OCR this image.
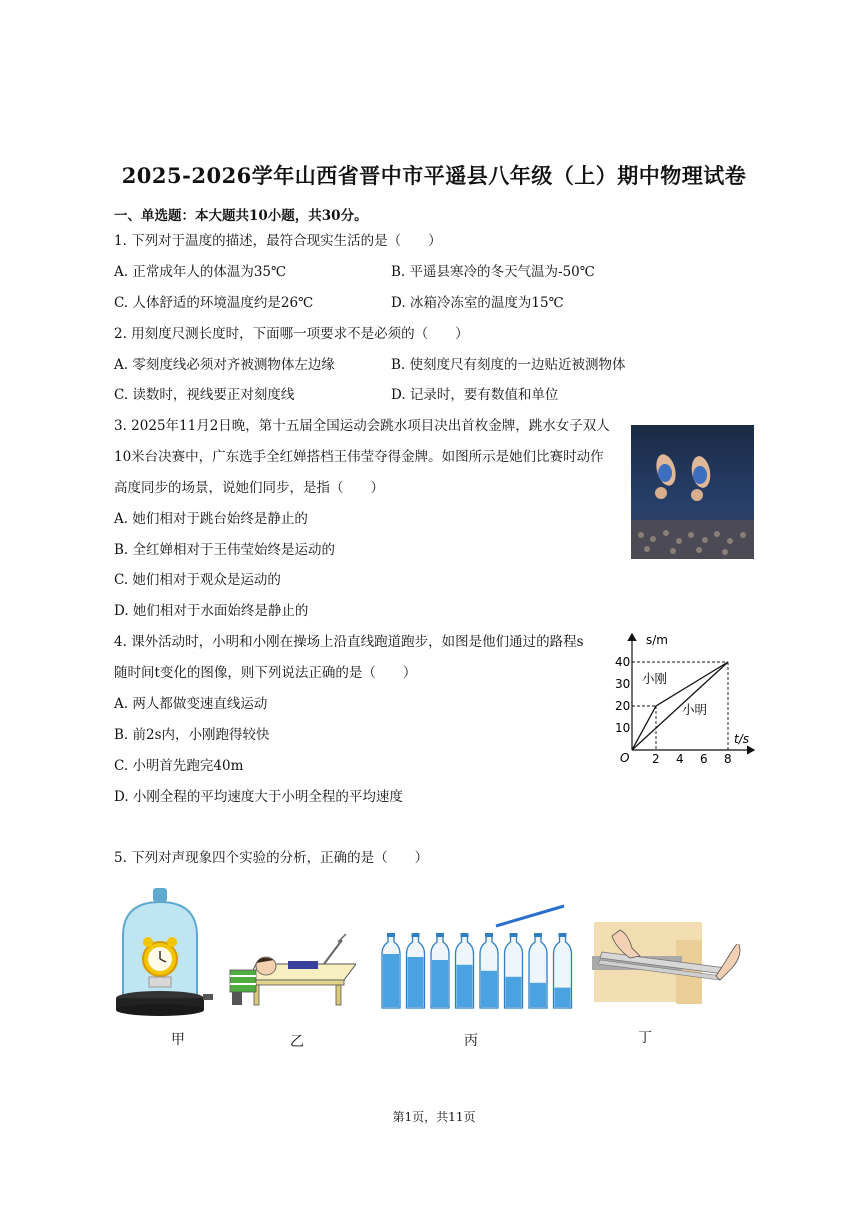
2025-2026学年山西省晋中市平遥县八年级（上）期中物理试卷
一、单选题：本大题共10小题，共30分。
1. 下列对于温度的描述，最符合现实生活的是（　　）
A. 正常成年人的体温为35℃	B. 平遥县寒冷的冬天气温为-50℃
C. 人体舒适的环境温度约是26℃	D. 冰箱冷冻室的温度为15℃
2. 用刻度尺测长度时，下面哪一项要求不是必须的（　　）
A. 零刻度线必须对齐被测物体左边缘	B. 使刻度尺有刻度的一边贴近被测物体
C. 读数时，视线要正对刻度线	D. 记录时，要有数值和单位
3. 2025年11月2日晚，第十五届全国运动会跳水项目决出首枚金牌，跳水女子双人
10米台决赛中，广东选手全红婵搭档王伟莹夺得金牌。如图所示是她们比赛时动作
高度同步的场景，说她们同步，是指（　　）
A. 她们相对于跳台始终是静止的
B. 全红婵相对于王伟莹始终是运动的
C. 她们相对于观众是运动的
D. 她们相对于水面始终是静止的
4. 课外活动时，小明和小刚在操场上沿直线跑道跑步，如图是他们通过的路程s
随时间t变化的图像，则下列说法正确的是（　　）
A. 两人都做变速直线运动
B. 前2s内，小刚跑得较快
C. 小明首先跑完40m
D. 小刚全程的平均速度大于小明全程的平均速度
s/m
t/s
O
10
20
30
40
2 4 6 8
小刚
小明
5. 下列对声现象四个实验的分析，正确的是（　　）
甲	乙	丙	丁
第1页，共11页
